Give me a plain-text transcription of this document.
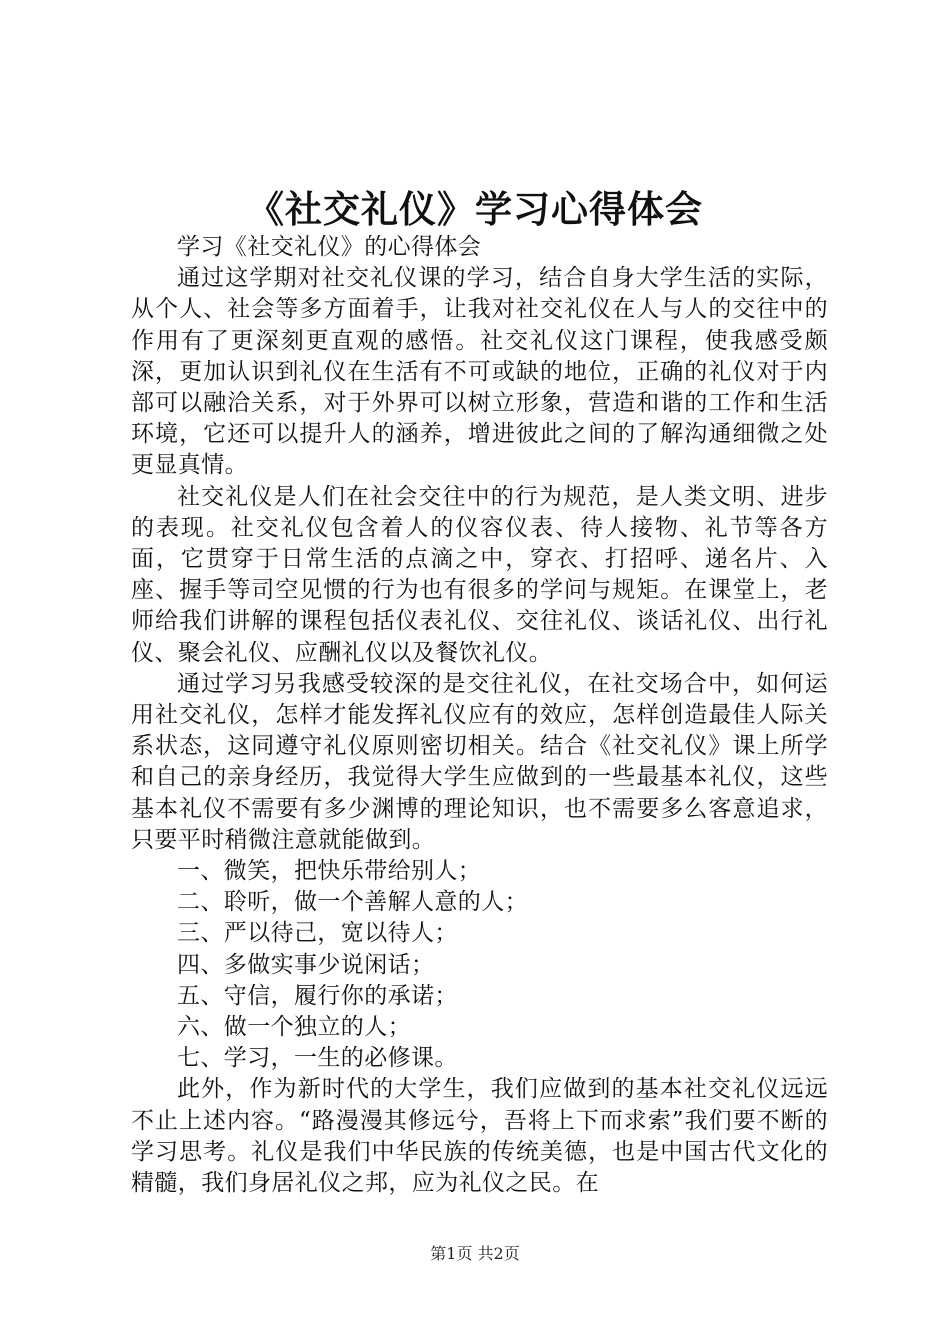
《社交礼仪》学习心得体会

学习《社交礼仪》的心得体会

通过这学期对社交礼仪课的学习，结合自身大学生活的实际，从个人、社会等多方面着手，让我对社交礼仪在人与人的交往中的作用有了更深刻更直观的感悟。社交礼仪这门课程，使我感受颇深，更加认识到礼仪在生活有不可或缺的地位，正确的礼仪对于内部可以融洽关系，对于外界可以树立形象，营造和谐的工作和生活环境，它还可以提升人的涵养，增进彼此之间的了解沟通细微之处更显真情。

社交礼仪是人们在社会交往中的行为规范，是人类文明、进步的表现。社交礼仪包含着人的仪容仪表、待人接物、礼节等各方面，它贯穿于日常生活的点滴之中，穿衣、打招呼、递名片、入座、握手等司空见惯的行为也有很多的学问与规矩。在课堂上，老师给我们讲解的课程包括仪表礼仪、交往礼仪、谈话礼仪、出行礼仪、聚会礼仪、应酬礼仪以及餐饮礼仪。

通过学习另我感受较深的是交往礼仪，在社交场合中，如何运用社交礼仪，怎样才能发挥礼仪应有的效应，怎样创造最佳人际关系状态，这同遵守礼仪原则密切相关。结合《社交礼仪》课上所学和自己的亲身经历，我觉得大学生应做到的一些最基本礼仪，这些基本礼仪不需要有多少渊博的理论知识，也不需要多么客意追求，只要平时稍微注意就能做到。

一、微笑，把快乐带给别人；

二、聆听，做一个善解人意的人；

三、严以待己，宽以待人；

四、多做实事少说闲话；

五、守信，履行你的承诺；

六、做一个独立的人；

七、学习，一生的必修课。

此外，作为新时代的大学生，我们应做到的基本社交礼仪远远不止上述内容。“路漫漫其修远兮，吾将上下而求索”我们要不断的学习思考。礼仪是我们中华民族的传统美德，也是中国古代文化的精髓，我们身居礼仪之邦，应为礼仪之民。在

第1页 共2页
